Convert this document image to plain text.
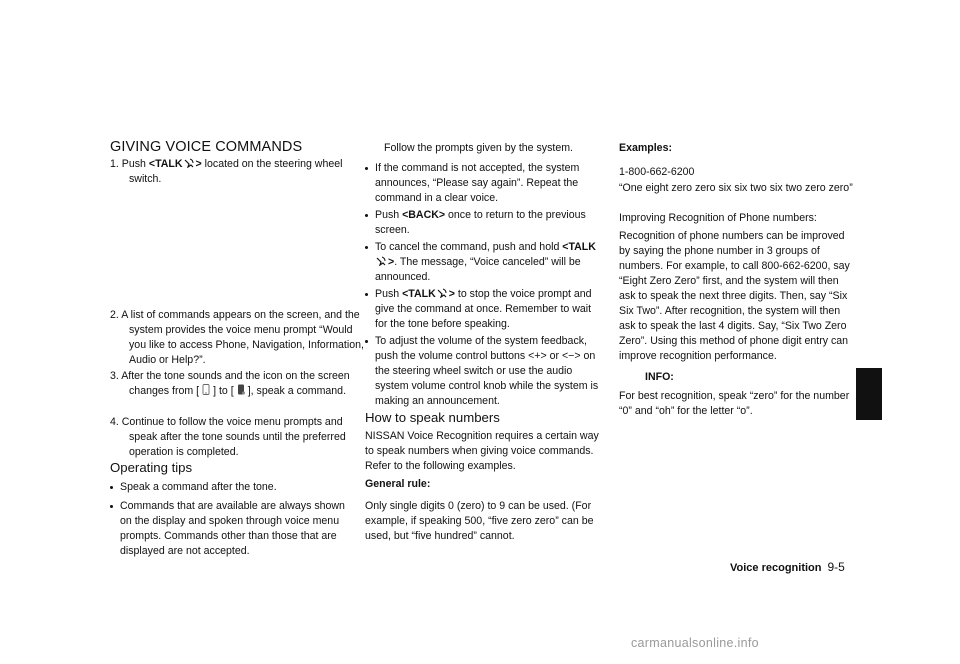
GIVING VOICE COMMANDS
1. Push <TALK > located on the steering wheel switch.
2. A list of commands appears on the screen, and the system provides the voice menu prompt “Would you like to access Phone, Navigation, Information, Audio or Help?”.
3. After the tone sounds and the icon on the screen changes from [ ] to [ ], speak a command.
4. Continue to follow the voice menu prompts and speak after the tone sounds until the preferred operation is completed.
Operating tips
Speak a command after the tone.
Commands that are available are always shown on the display and spoken through voice menu prompts. Commands other than those that are displayed are not accepted.
Follow the prompts given by the system.
If the command is not accepted, the system announces, “Please say again”. Repeat the command in a clear voice.
Push <BACK> once to return to the previous screen.
To cancel the command, push and hold <TALK>. The message, “Voice canceled” will be announced.
Push <TALK > to stop the voice prompt and give the command at once. Remember to wait for the tone before speaking.
To adjust the volume of the system feedback, push the volume control buttons <+> or <−> on the steering wheel switch or use the audio system volume control knob while the system is making an announcement.
How to speak numbers
NISSAN Voice Recognition requires a certain way to speak numbers when giving voice commands. Refer to the following examples.
General rule:
Only single digits 0 (zero) to 9 can be used. (For example, if speaking 500, “five zero zero” can be used, but “five hundred” cannot.
Examples:
1-800-662-6200
“One eight zero zero six six two six two zero zero”
Improving Recognition of Phone numbers:
Recognition of phone numbers can be improved by saying the phone number in 3 groups of numbers. For example, to call 800-662-6200, say “Eight Zero Zero” first, and the system will then ask to speak the next three digits. Then, say “Six Six Two”. After recognition, the system will then ask to speak the last 4 digits. Say, “Six Two Zero Zero”. Using this method of phone digit entry can improve recognition performance.
INFO:
For best recognition, speak “zero” for the number “0” and “oh” for the letter “o”.
Voice recognition 9-5
carmanualsonline.info
